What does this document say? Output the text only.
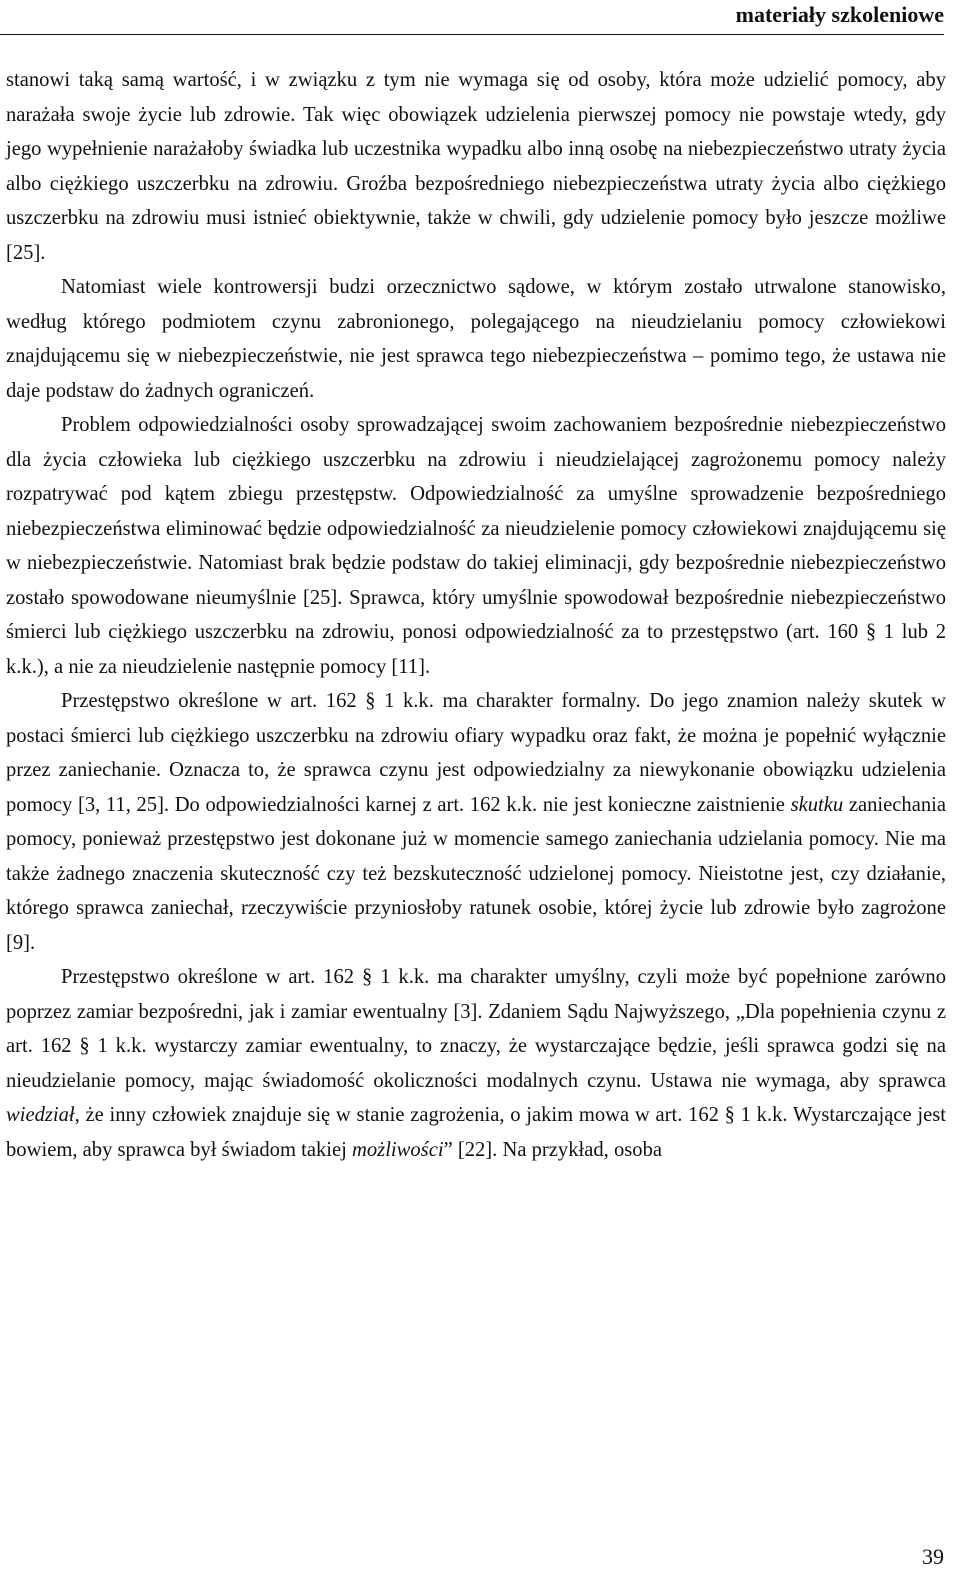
materiały szkoleniowe

stanowi taką samą wartość, i w związku z tym nie wymaga się od osoby, która może udzielić pomocy, aby narażała swoje życie lub zdrowie. Tak więc obowiązek udzielenia pierwszej pomocy nie powstaje wtedy, gdy jego wypełnienie narażałoby świadka lub uczestnika wypadku albo inną osobę na niebezpieczeństwo utraty życia albo ciężkiego uszczerbku na zdrowiu. Groźba bezpośredniego niebezpieczeństwa utraty życia albo ciężkiego uszczerbku na zdrowiu musi istnieć obiektywnie, także w chwili, gdy udzielenie pomocy było jeszcze możliwe [25].

Natomiast wiele kontrowersji budzi orzecznictwo sądowe, w którym zostało utrwalone stanowisko, według którego podmiotem czynu zabronionego, polegającego na nieudzielaniu pomocy człowiekowi znajdującemu się w niebezpieczeństwie, nie jest sprawca tego niebezpieczeństwa – pomimo tego, że ustawa nie daje podstaw do żadnych ograniczeń.

Problem odpowiedzialności osoby sprowadzającej swoim zachowaniem bezpośrednie niebezpieczeństwo dla życia człowieka lub ciężkiego uszczerbku na zdrowiu i nieudzielającej zagrożonemu pomocy należy rozpatrywać pod kątem zbiegu przestępstw. Odpowiedzialność za umyślne sprowadzenie bezpośredniego niebezpieczeństwa eliminować będzie odpowiedzialność za nieudzielenie pomocy człowiekowi znajdującemu się w niebezpieczeństwie. Natomiast brak będzie podstaw do takiej eliminacji, gdy bezpośrednie niebezpieczeństwo zostało spowodowane nieumyślnie [25]. Sprawca, który umyślnie spowodował bezpośrednie niebezpieczeństwo śmierci lub ciężkiego uszczerbku na zdrowiu, ponosi odpowiedzialność za to przestępstwo (art. 160 § 1 lub 2 k.k.), a nie za nieudzielenie następnie pomocy [11].

Przestępstwo określone w art. 162 § 1 k.k. ma charakter formalny. Do jego znamion należy skutek w postaci śmierci lub ciężkiego uszczerbku na zdrowiu ofiary wypadku oraz fakt, że można je popełnić wyłącznie przez zaniechanie. Oznacza to, że sprawca czynu jest odpowiedzialny za niewykonanie obowiązku udzielenia pomocy [3, 11, 25]. Do odpowiedzialności karnej z art. 162 k.k. nie jest konieczne zaistnienie skutku zaniechania pomocy, ponieważ przestępstwo jest dokonane już w momencie samego zaniechania udzielania pomocy. Nie ma także żadnego znaczenia skuteczność czy też bezskuteczność udzielonej pomocy. Nieistotne jest, czy działanie, którego sprawca zaniechał, rzeczywiście przyniosłoby ratunek osobie, której życie lub zdrowie było zagrożone [9].

Przestępstwo określone w art. 162 § 1 k.k. ma charakter umyślny, czyli może być popełnione zarówno poprzez zamiar bezpośredni, jak i zamiar ewentualny [3]. Zdaniem Sądu Najwyższego, „Dla popełnienia czynu z art. 162 § 1 k.k. wystarczy zamiar ewentualny, to znaczy, że wystarczające będzie, jeśli sprawca godzi się na nieudzielanie pomocy, mając świadomość okoliczności modalnych czynu. Ustawa nie wymaga, aby sprawca wiedział, że inny człowiek znajduje się w stanie zagrożenia, o jakim mowa w art. 162 § 1 k.k. Wystarczające jest bowiem, aby sprawca był świadom takiej możliwości” [22]. Na przykład, osoba

39
